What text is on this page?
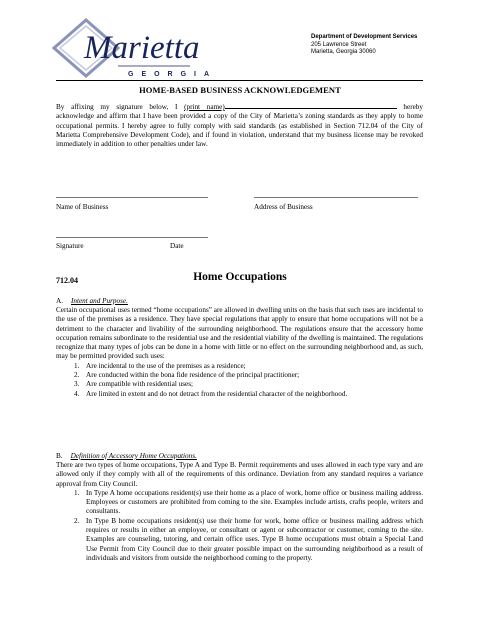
Marietta
GEORGIA
Department of Development Services
205 Lawrence Street
Marietta, Georgia 30060
HOME-BASED BUSINESS ACKNOWLEDGEMENT

By affixing my signature below, I (print name)	hereby acknowledge and affirm that I have been provided a copy of the City of Marietta’s zoning standards as they apply to home occupational permits. I hereby agree to fully comply with said standards (as established in Section 712.04 of the City of Marietta Comprehensive Development Code), and if found in violation, understand that my business license may be revoked immediately in addition to other penalties under law.

Name of Business	Address of Business
Signature	Date
712.04	Home Occupations
A. Intent and Purpose.

Certain occupational uses termed “home occupations” are allowed in dwelling units on the basis that such uses are incidental to the use of the premises as a residence. They have special regulations that apply to ensure that home occupations will not be a detriment to the character and livability of the surrounding neighborhood. The regulations ensure that the accessory home occupation remains subordinate to the residential use and the residential viability of the dwelling is maintained. The regulations recognize that many types of jobs can be done in a home with little or no effect on the surrounding neighborhood and, as such, may be permitted provided such uses:

1. Are incidental to the use of the premises as a residence;
2. Are conducted within the bona fide residence of the principal practitioner;
3. Are compatible with residential uses;
4. Are limited in extent and do not detract from the residential character of the neighborhood.
B. Definition of Accessory Home Occupations.

There are two types of home occupations, Type A and Type B. Permit requirements and uses allowed in each type vary and are allowed only if they comply with all of the requirements of this ordinance. Deviation from any standard requires a variance approval from City Council.

1. In Type A home occupations resident(s) use their home as a place of work, home office or business mailing address. Employees or customers are prohibited from coming to the site. Examples include artists, crafts people, writers and consultants.
2. In Type B home occupations resident(s) use their home for work, home office or business mailing address which requires or results in either an employee, or consultant or agent or subcontractor or customer, coming to the site. Examples are counseling, tutoring, and certain office uses. Type B home occupations must obtain a Special Land Use Permit from City Council due to their greater possible impact on the surrounding neighborhood as a result of individuals and visitors from outside the neighborhood coming to the property.
